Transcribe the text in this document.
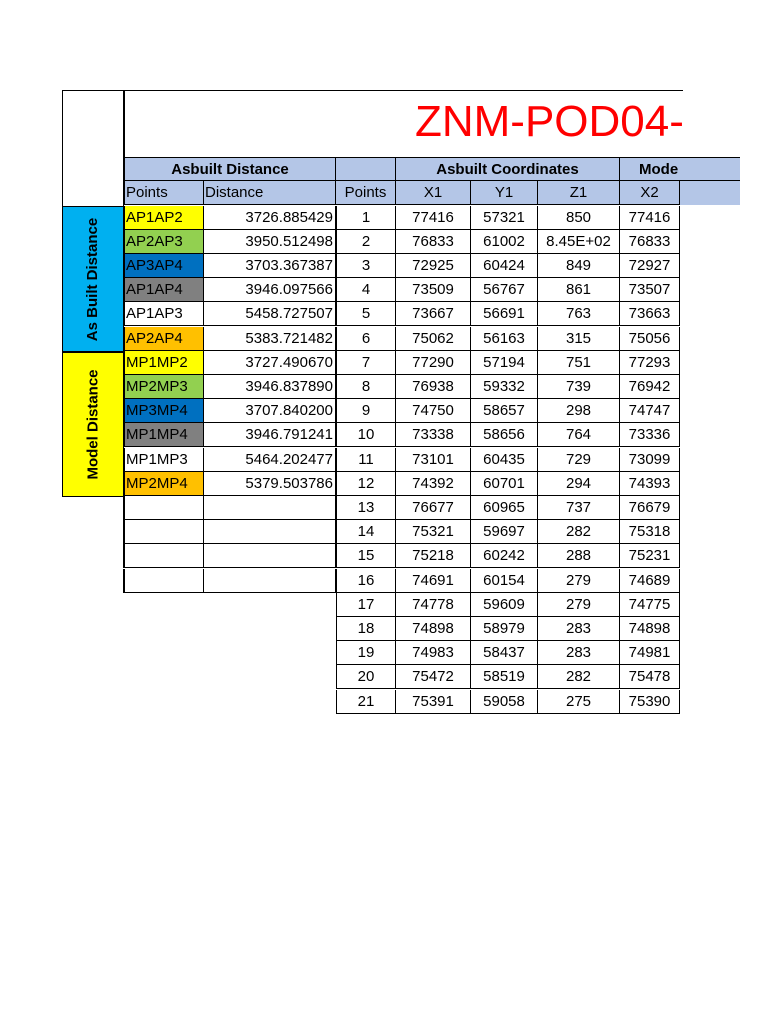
ZNM-POD04-
As Built Distance
Model Distance
Asbuilt Distance
Points	Distance
AP1AP2	3726.885429
AP2AP3	3950.512498
AP3AP4	3703.367387
AP1AP4	3946.097566
AP1AP3	5458.727507
AP2AP4	5383.721482
MP1MP2	3727.490670
MP2MP3	3946.837890
MP3MP4	3707.840200
MP1MP4	3946.791241
MP1MP3	5464.202477
MP2MP4	5379.503786
Asbuilt Coordinates	Mode
Points	X1	Y1	Z1	X2
1	77416	57321	850	77416
2	76833	61002	8.45E+02	76833
3	72925	60424	849	72927
4	73509	56767	861	73507
5	73667	56691	763	73663
6	75062	56163	315	75056
7	77290	57194	751	77293
8	76938	59332	739	76942
9	74750	58657	298	74747
10	73338	58656	764	73336
11	73101	60435	729	73099
12	74392	60701	294	74393
13	76677	60965	737	76679
14	75321	59697	282	75318
15	75218	60242	288	75231
16	74691	60154	279	74689
17	74778	59609	279	74775
18	74898	58979	283	74898
19	74983	58437	283	74981
20	75472	58519	282	75478
21	75391	59058	275	75390
